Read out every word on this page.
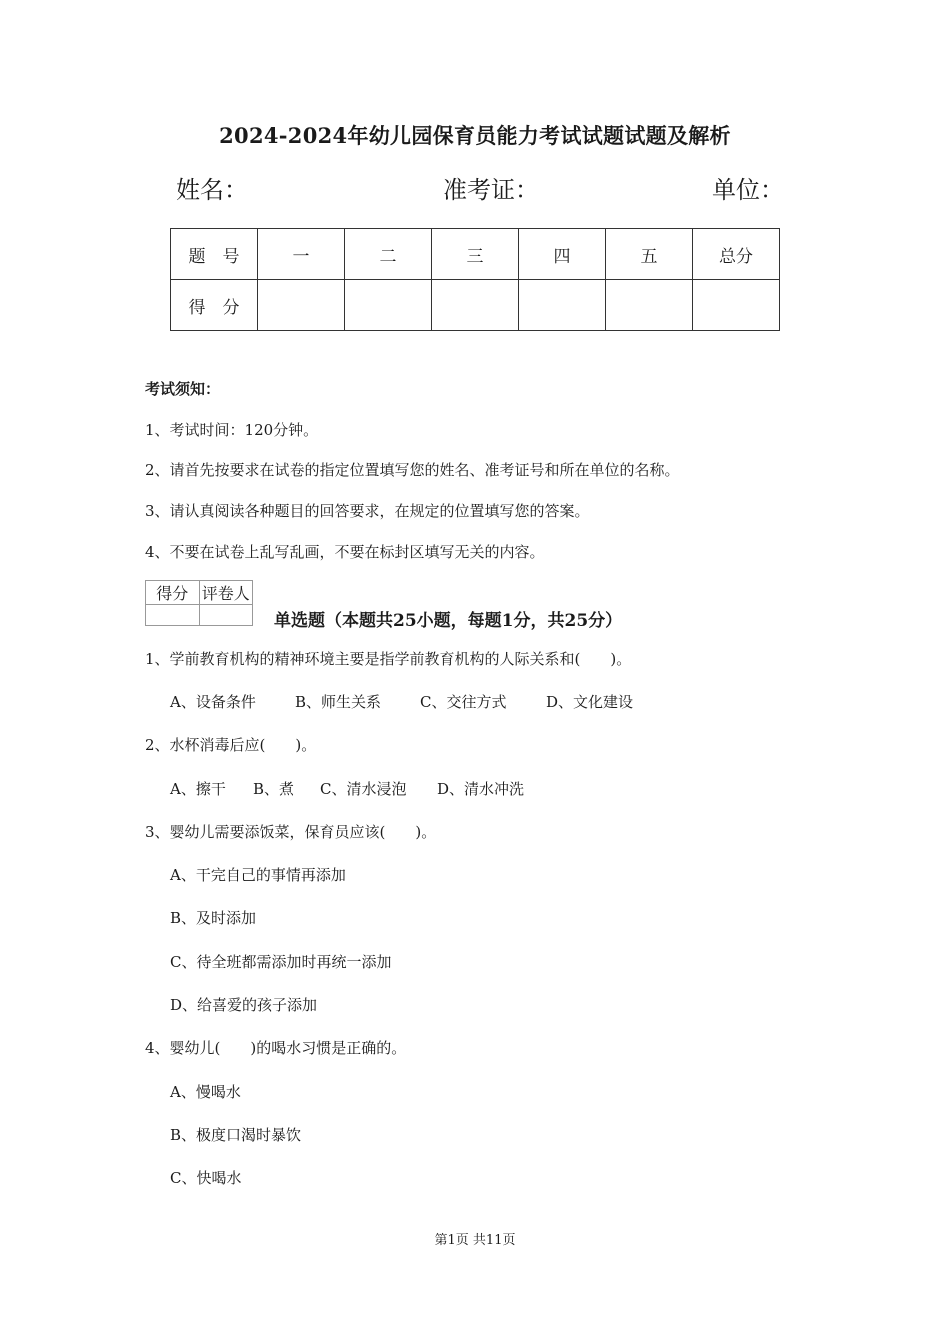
2024-2024年幼儿园保育员能力考试试题试题及解析
姓名：	准考证：	单位：
题　号	一	二	三	四	五	总分
得　分						
考试须知：
1、考试时间：120分钟。
2、请首先按要求在试卷的指定位置填写您的姓名、准考证号和所在单位的名称。
3、请认真阅读各种题目的回答要求，在规定的位置填写您的答案。
4、不要在试卷上乱写乱画，不要在标封区填写无关的内容。
得分	评卷人

单选题（本题共25小题，每题1分，共25分）
1、学前教育机构的精神环境主要是指学前教育机构的人际关系和(　　)。
A、设备条件	B、师生关系	C、交往方式	D、文化建设
2、水杯消毒后应(　　)。
A、擦干 B、煮 C、清水浸泡 D、清水冲洗
3、婴幼儿需要添饭菜，保育员应该(　　)。
A、干完自己的事情再添加
B、及时添加
C、待全班都需添加时再统一添加
D、给喜爱的孩子添加
4、婴幼儿(　　)的喝水习惯是正确的。
A、慢喝水
B、极度口渴时暴饮
C、快喝水
第1页 共11页
